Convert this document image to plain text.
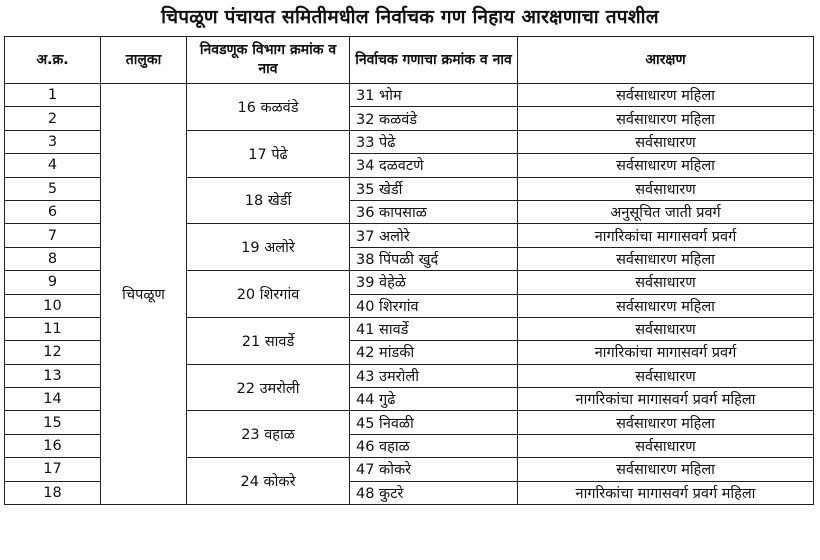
चिपळूण पंचायत समितीमधील निर्वाचक गण निहाय आरक्षणाचा तपशील
अ.क्र.	तालुका	निवडणूक विभाग क्रमांक व नाव	निर्वाचक गणाचा क्रमांक व नाव	आरक्षण
1	चिपळूण	16 कळवंडे	31 भोम	सर्वसाधारण महिला
2			32 कळवंडे	सर्वसाधारण महिला
3		17 पेढे	33 पेढे	सर्वसाधारण
4			34 दळवटणे	सर्वसाधारण महिला
5		18 खेर्डी	35 खेर्डी	सर्वसाधारण
6			36 कापसाळ	अनुसूचित जाती प्रवर्ग
7		19 अलोरे	37 अलोरे	नागरिकांचा मागासवर्ग प्रवर्ग
8			38 पिंपळी खुर्द	सर्वसाधारण महिला
9		20 शिरगांव	39 वेहेळे	सर्वसाधारण
10			40 शिरगांव	सर्वसाधारण महिला
11		21 सावर्डे	41 सावर्डे	सर्वसाधारण
12			42 मांडकी	नागरिकांचा मागासवर्ग प्रवर्ग
13		22 उमरोली	43 उमरोली	सर्वसाधारण
14			44 गुढे	नागरिकांचा मागासवर्ग प्रवर्ग महिला
15		23 वहाळ	45 निवळी	सर्वसाधारण महिला
16			46 वहाळ	सर्वसाधारण
17		24 कोकरे	47 कोकरे	सर्वसाधारण महिला
18			48 कुटरे	नागरिकांचा मागासवर्ग प्रवर्ग महिला
